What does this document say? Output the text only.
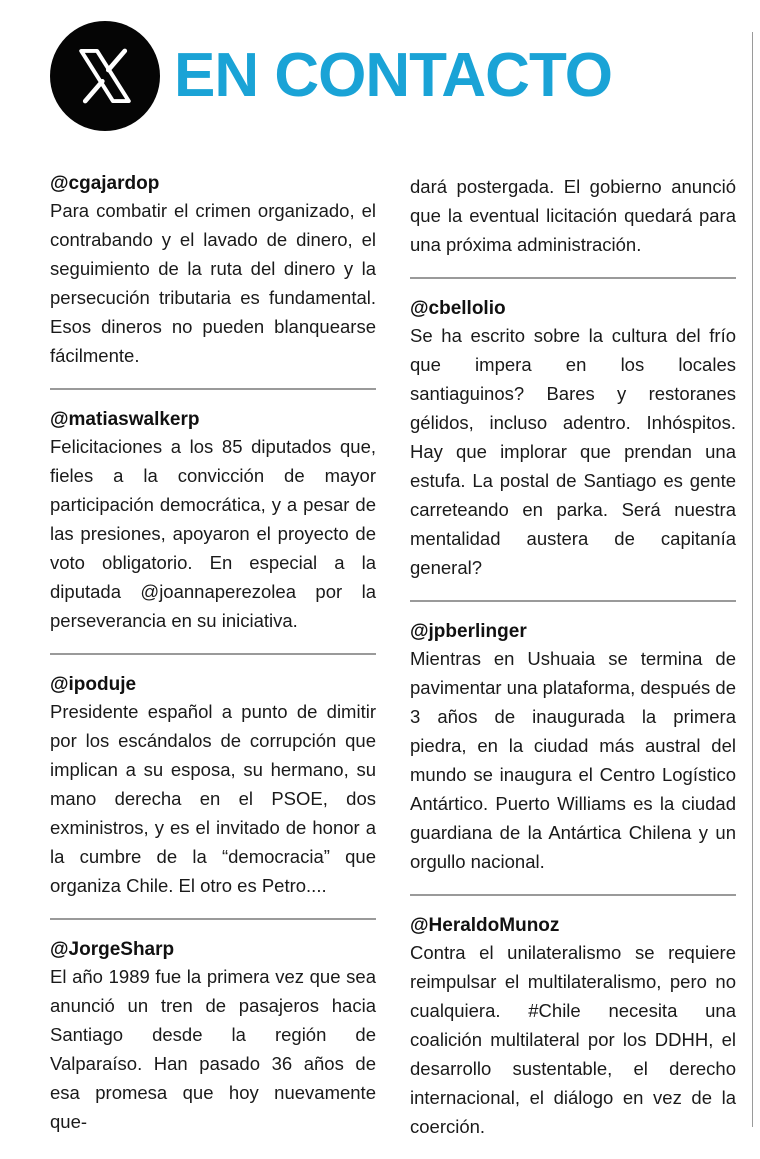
EN CONTACTO
@cgajardop

Para combatir el crimen organizado, el contrabando y el lavado de dinero, el seguimiento de la ruta del dinero y la persecución tributaria es fundamental. Esos dineros no pueden blanquearse fácilmente.

@matiaswalkerp

Felicitaciones a los 85 diputados que, fieles a la convicción de mayor participación democrática, y a pesar de las presiones, apoyaron el proyecto de voto obligatorio. En especial a la diputada @joannaperezolea por la perseverancia en su iniciativa.

@ipoduje

Presidente español a punto de dimitir por los escándalos de corrupción que implican a su esposa, su hermano, su mano derecha en el PSOE, dos exministros, y es el invitado de honor a la cumbre de la “democracia” que organiza Chile. El otro es Petro....

@JorgeSharp

El año 1989 fue la primera vez que sea anunció un tren de pasajeros hacia Santiago desde la región de Valparaíso. Han pasado 36 años de esa promesa que hoy nuevamente que-

dará postergada. El gobierno anunció que la eventual licitación quedará para una próxima administración.

@cbellolio

Se ha escrito sobre la cultura del frío que impera en los locales santiaguinos? Bares y restoranes gélidos, incluso adentro. Inhóspitos. Hay que implorar que prendan una estufa. La postal de Santiago es gente carreteando en parka. Será nuestra mentalidad austera de capitanía general?

@jpberlinger

Mientras en Ushuaia se termina de pavimentar una plataforma, después de 3 años de inaugurada la primera piedra, en la ciudad más austral del mundo se inaugura el Centro Logístico Antártico. Puerto Williams es la ciudad guardiana de la Antártica Chilena y un orgullo nacional.

@HeraldoMunoz

Contra el unilateralismo se requiere reimpulsar el multilateralismo, pero no cualquiera. #Chile necesita una coalición multilateral por los DDHH, el desarrollo sustentable, el derecho internacional, el diálogo en vez de la coerción.
